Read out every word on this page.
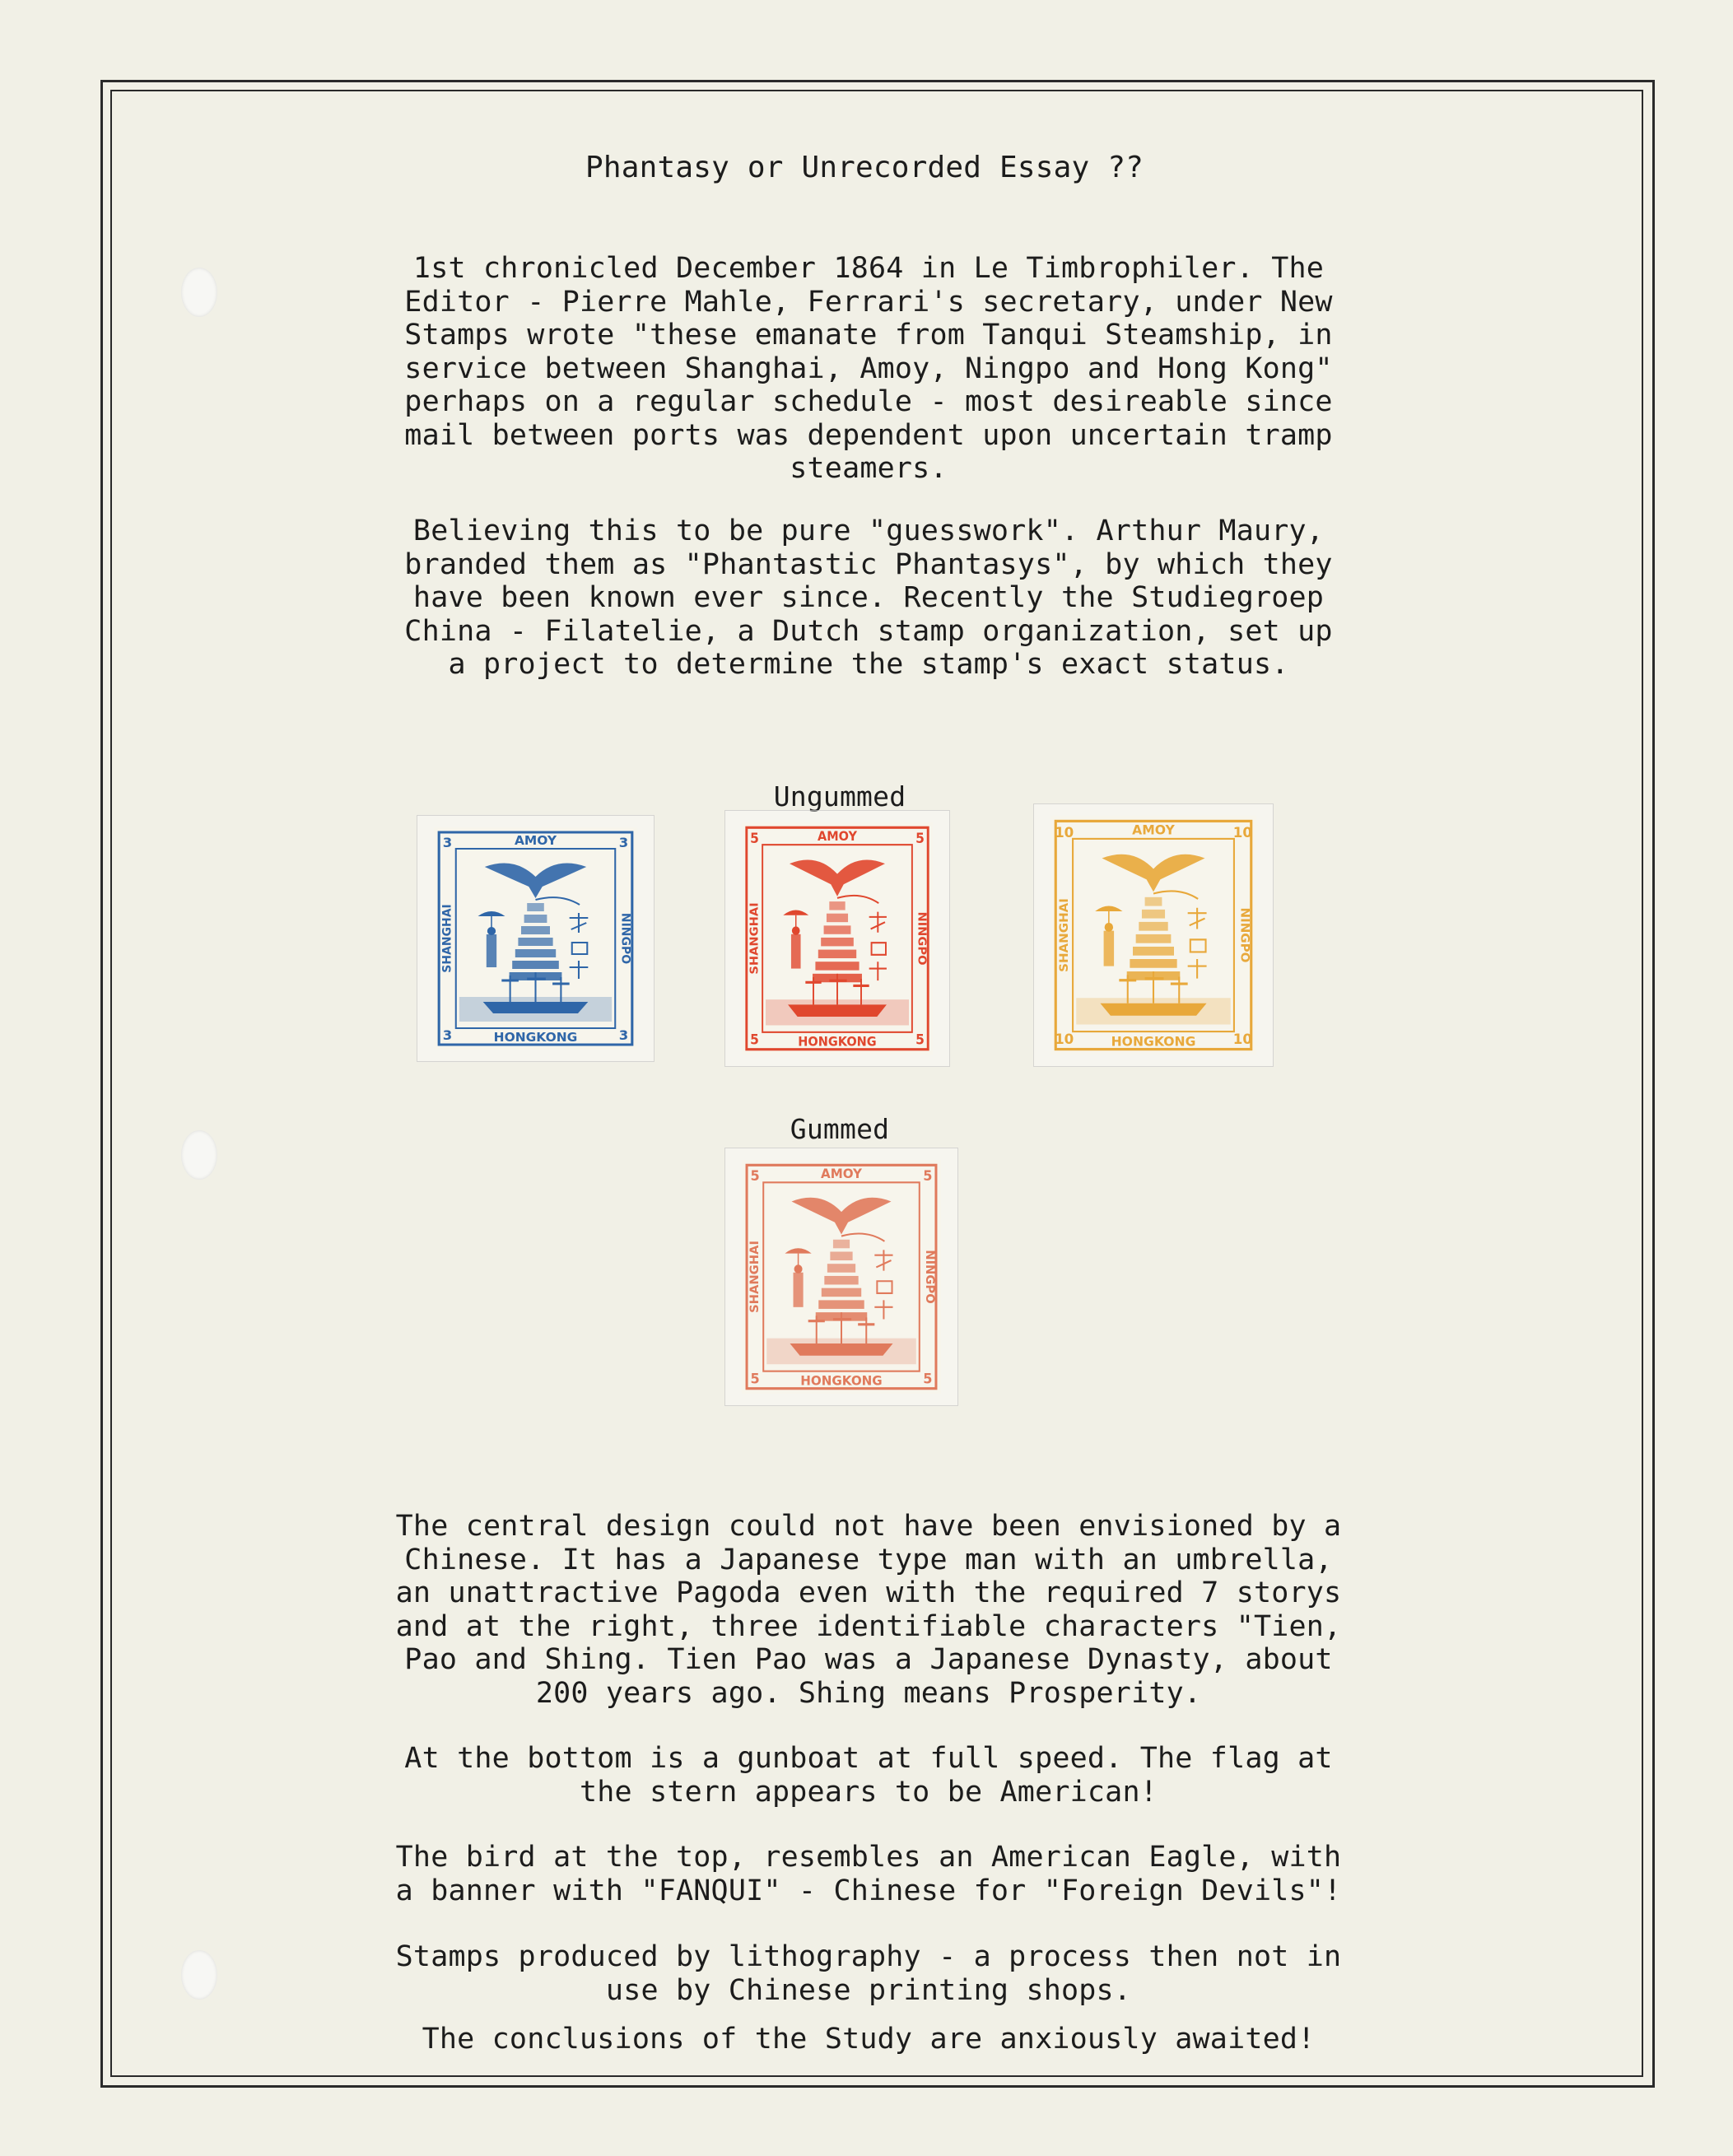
Phantasy or Unrecorded Essay ??
1st chronicled December 1864 in Le Timbrophiler. The
Editor - Pierre Mahle, Ferrari's secretary, under New
Stamps wrote "these emanate from Tanqui Steamship, in
service between Shanghai, Amoy, Ningpo and Hong Kong"
perhaps on a regular schedule - most desireable since
mail between ports was dependent upon uncertain tramp
steamers.
Believing this to be pure "guesswork". Arthur Maury,
branded them as "Phantastic Phantasys", by which they
have been known ever since. Recently the Studiegroep
China - Filatelie, a Dutch stamp organization, set up
a project to determine the stamp's exact status.
Ungummed
3	3
3	3
AMOY
HONGKONG
SHANGHAI	NINGPO
5	5
5	5
AMOY
HONGKONG
SHANGHAI	NINGPO
10	10
10	10
AMOY
HONGKONG
SHANGHAI	NINGPO
Gummed
5	5
5	5
AMOY
HONGKONG
SHANGHAI	NINGPO
The central design could not have been envisioned by a
Chinese. It has a Japanese type man with an umbrella,
an unattractive Pagoda even with the required 7 storys
and at the right, three identifiable characters "Tien,
Pao and Shing. Tien Pao was a Japanese Dynasty, about
200 years ago. Shing means Prosperity.
At the bottom is a gunboat at full speed. The flag at
the stern appears to be American!
The bird at the top, resembles an American Eagle, with
a banner with "FANQUI" - Chinese for "Foreign Devils"!
Stamps produced by lithography - a process then not in
use by Chinese printing shops.
The conclusions of the Study are anxiously awaited!
